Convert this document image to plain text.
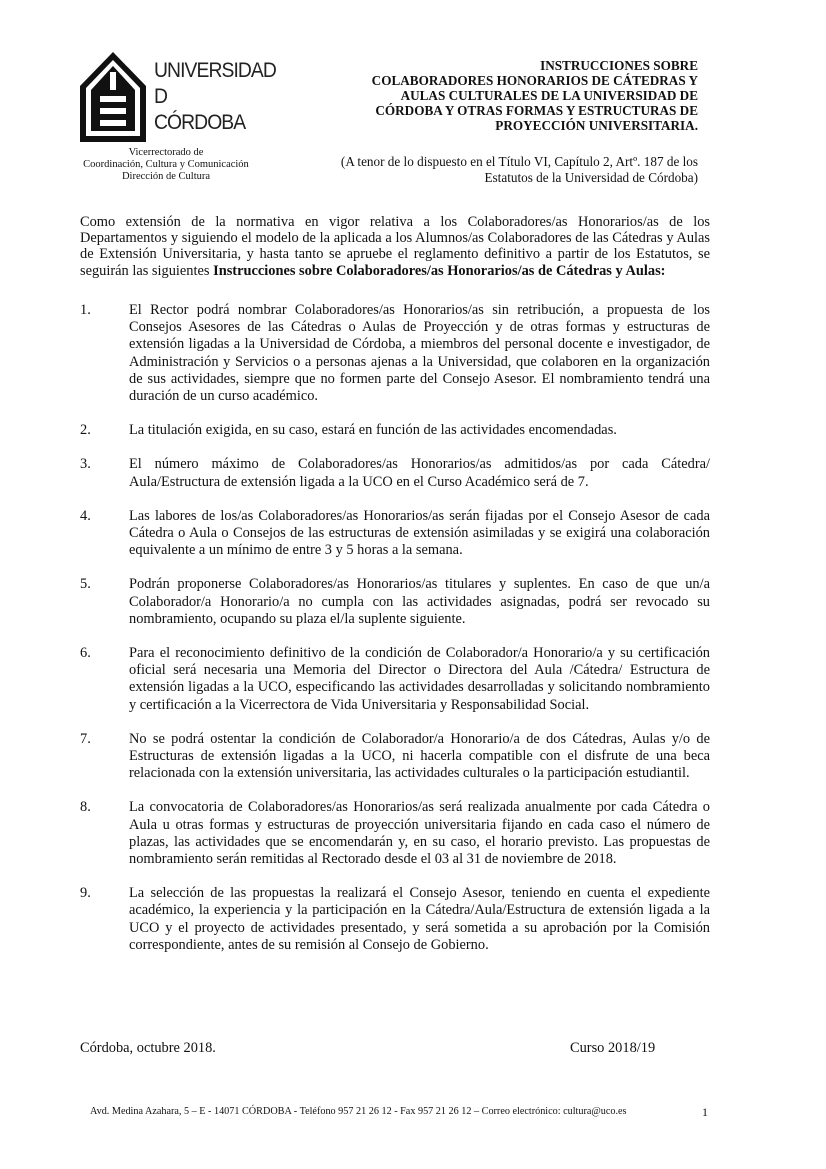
UNIVERSIDAD
D
CÓRDOBA
Vicerrectorado de
Coordinación, Cultura y Comunicación
Dirección de Cultura
INSTRUCCIONES SOBRE
COLABORADORES HONORARIOS DE CÁTEDRAS Y
AULAS CULTURALES DE LA UNIVERSIDAD DE
CÓRDOBA Y OTRAS FORMAS Y ESTRUCTURAS DE
PROYECCIÓN UNIVERSITARIA.
(A tenor de lo dispuesto en el Título VI, Capítulo 2, Artº. 187 de los
Estatutos de la Universidad de Córdoba)
Como extensión de la normativa en vigor relativa a los Colaboradores/as Honorarios/as de los Departamentos y siguiendo el modelo de la aplicada a los Alumnos/as Colaboradores de las Cátedras y Aulas de Extensión Universitaria, y hasta tanto se apruebe el reglamento definitivo a partir de los Estatutos, se seguirán las siguientes Instrucciones sobre Colaboradores/as Honorarios/as de Cátedras y Aulas:
1.	El Rector podrá nombrar Colaboradores/as Honorarios/as sin retribución, a propuesta de los Consejos Asesores de las Cátedras o Aulas de Proyección y de otras formas y estructuras de extensión ligadas a la Universidad de Córdoba, a miembros del personal docente e investigador, de Administración y Servicios o a personas ajenas a la Universidad, que colaboren en la organización de sus actividades, siempre que no formen parte del Consejo Asesor. El nombramiento tendrá una duración de un curso académico.
2.	La titulación exigida, en su caso, estará en función de las actividades encomendadas.
3.	El número máximo de Colaboradores/as Honorarios/as admitidos/as por cada Cátedra/ Aula/Estructura de extensión ligada a la UCO en el Curso Académico será de 7.
4.	Las labores de los/as Colaboradores/as Honorarios/as serán fijadas por el Consejo Asesor de cada Cátedra o Aula o Consejos de las estructuras de extensión asimiladas y se exigirá una colaboración equivalente a un mínimo de entre 3 y 5 horas a la semana.
5.	Podrán proponerse Colaboradores/as Honorarios/as titulares y suplentes. En caso de que un/a Colaborador/a Honorario/a no cumpla con las actividades asignadas, podrá ser revocado su nombramiento, ocupando su plaza el/la suplente siguiente.
6.	Para el reconocimiento definitivo de la condición de Colaborador/a Honorario/a y su certificación oficial será necesaria una Memoria del Director o Directora del Aula /Cátedra/ Estructura de extensión ligadas a la UCO, especificando las actividades desarrolladas y solicitando nombramiento y certificación a la Vicerrectora de Vida Universitaria y Responsabilidad Social.
7.	No se podrá ostentar la condición de Colaborador/a Honorario/a de dos Cátedras, Aulas y/o de Estructuras de extensión ligadas a la UCO, ni hacerla compatible con el disfrute de una beca relacionada con la extensión universitaria, las actividades culturales o la participación estudiantil.
8.	La convocatoria de Colaboradores/as Honorarios/as será realizada anualmente por cada Cátedra o Aula u otras formas y estructuras de proyección universitaria fijando en cada caso el número de plazas, las actividades que se encomendarán y, en su caso, el horario previsto. Las propuestas de nombramiento serán remitidas al Rectorado desde el 03 al 31 de noviembre de 2018.
9.	La selección de las propuestas la realizará el Consejo Asesor, teniendo en cuenta el expediente académico, la experiencia y la participación en la Cátedra/Aula/Estructura de extensión ligada a la UCO y el proyecto de actividades presentado, y será sometida a su aprobación por la Comisión correspondiente, antes de su remisión al Consejo de Gobierno.
Córdoba, octubre 2018.	Curso 2018/19
Avd. Medina Azahara, 5 – E - 14071 CÓRDOBA - Teléfono 957 21 26 12 - Fax 957 21 26 12 – Correo electrónico: cultura@uco.es	1
